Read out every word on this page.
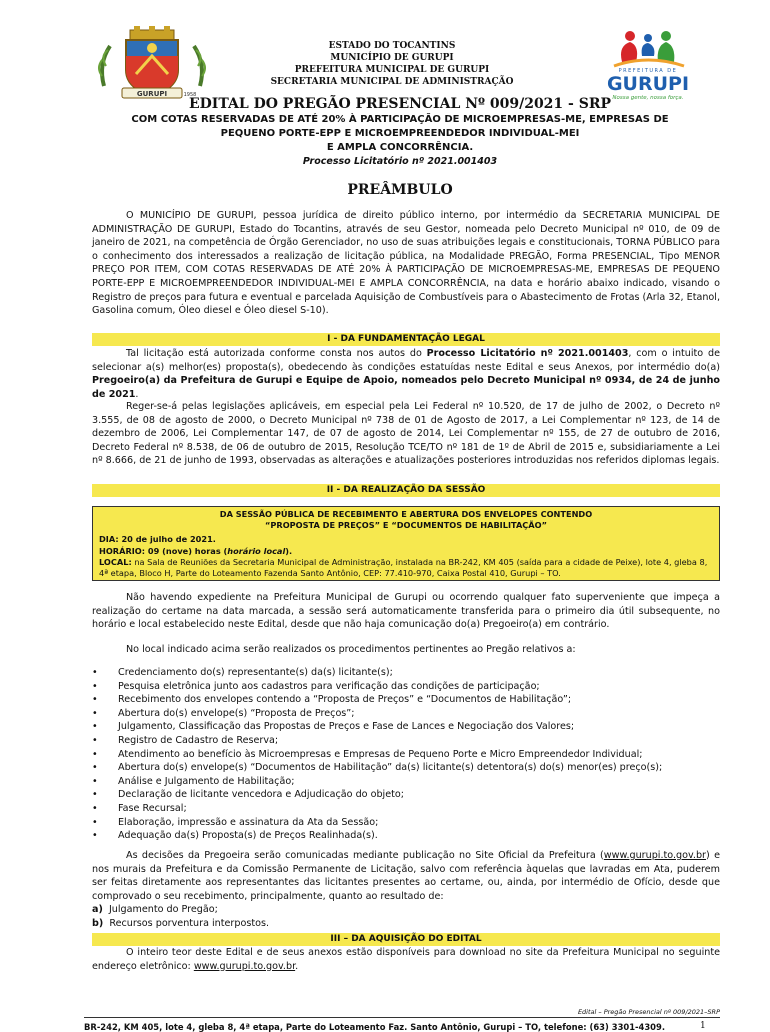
GURUPI	1958
ESTADO DO TOCANTINS
MUNICÍPIO DE GURUPI
PREFEITURA MUNICIPAL DE GURUPI
SECRETARIA MUNICIPAL DE ADMINISTRAÇÃO
PREFEITURA DE
GURUPI
Nossa gente, nossa força.
EDITAL DO PREGÃO PRESENCIAL Nº 009/2021 - SRP
COM COTAS RESERVADAS DE ATÉ 20% À PARTICIPAÇÃO DE MICROEMPRESAS-ME, EMPRESAS DE
PEQUENO PORTE-EPP E MICROEMPREENDEDOR INDIVIDUAL-MEI
E AMPLA CONCORRÊNCIA.
Processo Licitatório nº 2021.001403
PREÂMBULO
O MUNICÍPIO DE GURUPI, pessoa jurídica de direito público interno, por intermédio da SECRETARIA MUNICIPAL DE ADMINISTRAÇÃO DE GURUPI, Estado do Tocantins, através de seu Gestor, nomeada pelo Decreto Municipal nº 010, de 09 de janeiro de 2021, na competência de Órgão Gerenciador, no uso de suas atribuições legais e constitucionais, TORNA PÚBLICO para o conhecimento dos interessados a realização de licitação pública, na Modalidade PREGÃO, Forma PRESENCIAL, Tipo MENOR PREÇO POR ITEM, COM COTAS RESERVADAS DE ATÉ 20% À PARTICIPAÇÃO DE MICROEMPRESAS-ME, EMPRESAS DE PEQUENO PORTE-EPP E MICROEMPREENDEDOR INDIVIDUAL-MEI E AMPLA CONCORRÊNCIA, na data e horário abaixo indicado, visando o Registro de preços para futura e eventual e parcelada Aquisição de Combustíveis para o Abastecimento de Frotas (Arla 32, Etanol, Gasolina comum, Óleo diesel e Óleo diesel S-10).
I - DA FUNDAMENTAÇÃO LEGAL
Tal licitação está autorizada conforme consta nos autos do Processo Licitatório nº 2021.001403, com o intuito de selecionar a(s) melhor(es) proposta(s), obedecendo às condições estatuídas neste Edital e seus Anexos, por intermédio do(a) Pregoeiro(a) da Prefeitura de Gurupi e Equipe de Apoio, nomeados pelo Decreto Municipal nº 0934, de 24 de junho de 2021.
Reger-se-á pelas legislações aplicáveis, em especial pela Lei Federal nº 10.520, de 17 de julho de 2002, o Decreto nº 3.555, de 08 de agosto de 2000, o Decreto Municipal nº 738 de 01 de Agosto de 2017, a Lei Complementar nº 123, de 14 de dezembro de 2006, Lei Complementar 147, de 07 de agosto de 2014, Lei Complementar nº 155, de 27 de outubro de 2016, Decreto Federal nº 8.538, de 06 de outubro de 2015, Resolução TCE/TO nº 181 de 1º de Abril de 2015 e, subsidiariamente a Lei nº 8.666, de 21 de junho de 1993, observadas as alterações e atualizações posteriores introduzidas nos referidos diplomas legais.
II - DA REALIZAÇÃO DA SESSÃO
DA SESSÃO PÚBLICA DE RECEBIMENTO E ABERTURA DOS ENVELOPES CONTENDO
“PROPOSTA DE PREÇOS” E “DOCUMENTOS DE HABILITAÇÃO”
DIA: 20 de julho de 2021.
HORÁRIO: 09 (nove) horas (horário local).
LOCAL: na Sala de Reuniões da Secretaria Municipal de Administração, instalada na BR-242, KM 405 (saída para a cidade de Peixe), lote 4, gleba 8, 4ª etapa, Bloco H, Parte do Loteamento Fazenda Santo Antônio, CEP: 77.410-970, Caixa Postal 410, Gurupi – TO.
Não havendo expediente na Prefeitura Municipal de Gurupi ou ocorrendo qualquer fato superveniente que impeça a realização do certame na data marcada, a sessão será automaticamente transferida para o primeiro dia útil subsequente, no horário e local estabelecido neste Edital, desde que não haja comunicação do(a) Pregoeiro(a) em contrário.
No local indicado acima serão realizados os procedimentos pertinentes ao Pregão relativos a:
• Credenciamento do(s) representante(s) da(s) licitante(s);
• Pesquisa eletrônica junto aos cadastros para verificação das condições de participação;
• Recebimento dos envelopes contendo a “Proposta de Preços” e “Documentos de Habilitação”;
• Abertura do(s) envelope(s) “Proposta de Preços”;
• Julgamento, Classificação das Propostas de Preços e Fase de Lances e Negociação dos Valores;
• Registro de Cadastro de Reserva;
• Atendimento ao benefício às Microempresas e Empresas de Pequeno Porte e Micro Empreendedor Individual;
• Abertura do(s) envelope(s) “Documentos de Habilitação” da(s) licitante(s) detentora(s) do(s) menor(es) preço(s);
• Análise e Julgamento de Habilitação;
• Declaração de licitante vencedora e Adjudicação do objeto;
• Fase Recursal;
• Elaboração, impressão e assinatura da Ata da Sessão;
• Adequação da(s) Proposta(s) de Preços Realinhada(s).
As decisões da Pregoeira serão comunicadas mediante publicação no Site Oficial da Prefeitura (www.gurupi.to.gov.br) e nos murais da Prefeitura e da Comissão Permanente de Licitação, salvo com referência àquelas que lavradas em Ata, puderem ser feitas diretamente aos representantes das licitantes presentes ao certame, ou, ainda, por intermédio de Ofício, desde que comprovado o seu recebimento, principalmente, quanto ao resultado de:
a) Julgamento do Pregão;
b) Recursos porventura interpostos.
III – DA AQUISIÇÃO DO EDITAL
O inteiro teor deste Edital e de seus anexos estão disponíveis para download no site da Prefeitura Municipal no seguinte endereço eletrônico: www.gurupi.to.gov.br.
Edital – Pregão Presencial nº 009/2021–SRP
BR-242, KM 405, lote 4, gleba 8, 4ª etapa, Parte do Loteamento Faz. Santo Antônio, Gurupi – TO, telefone: (63) 3301-4309.	1
